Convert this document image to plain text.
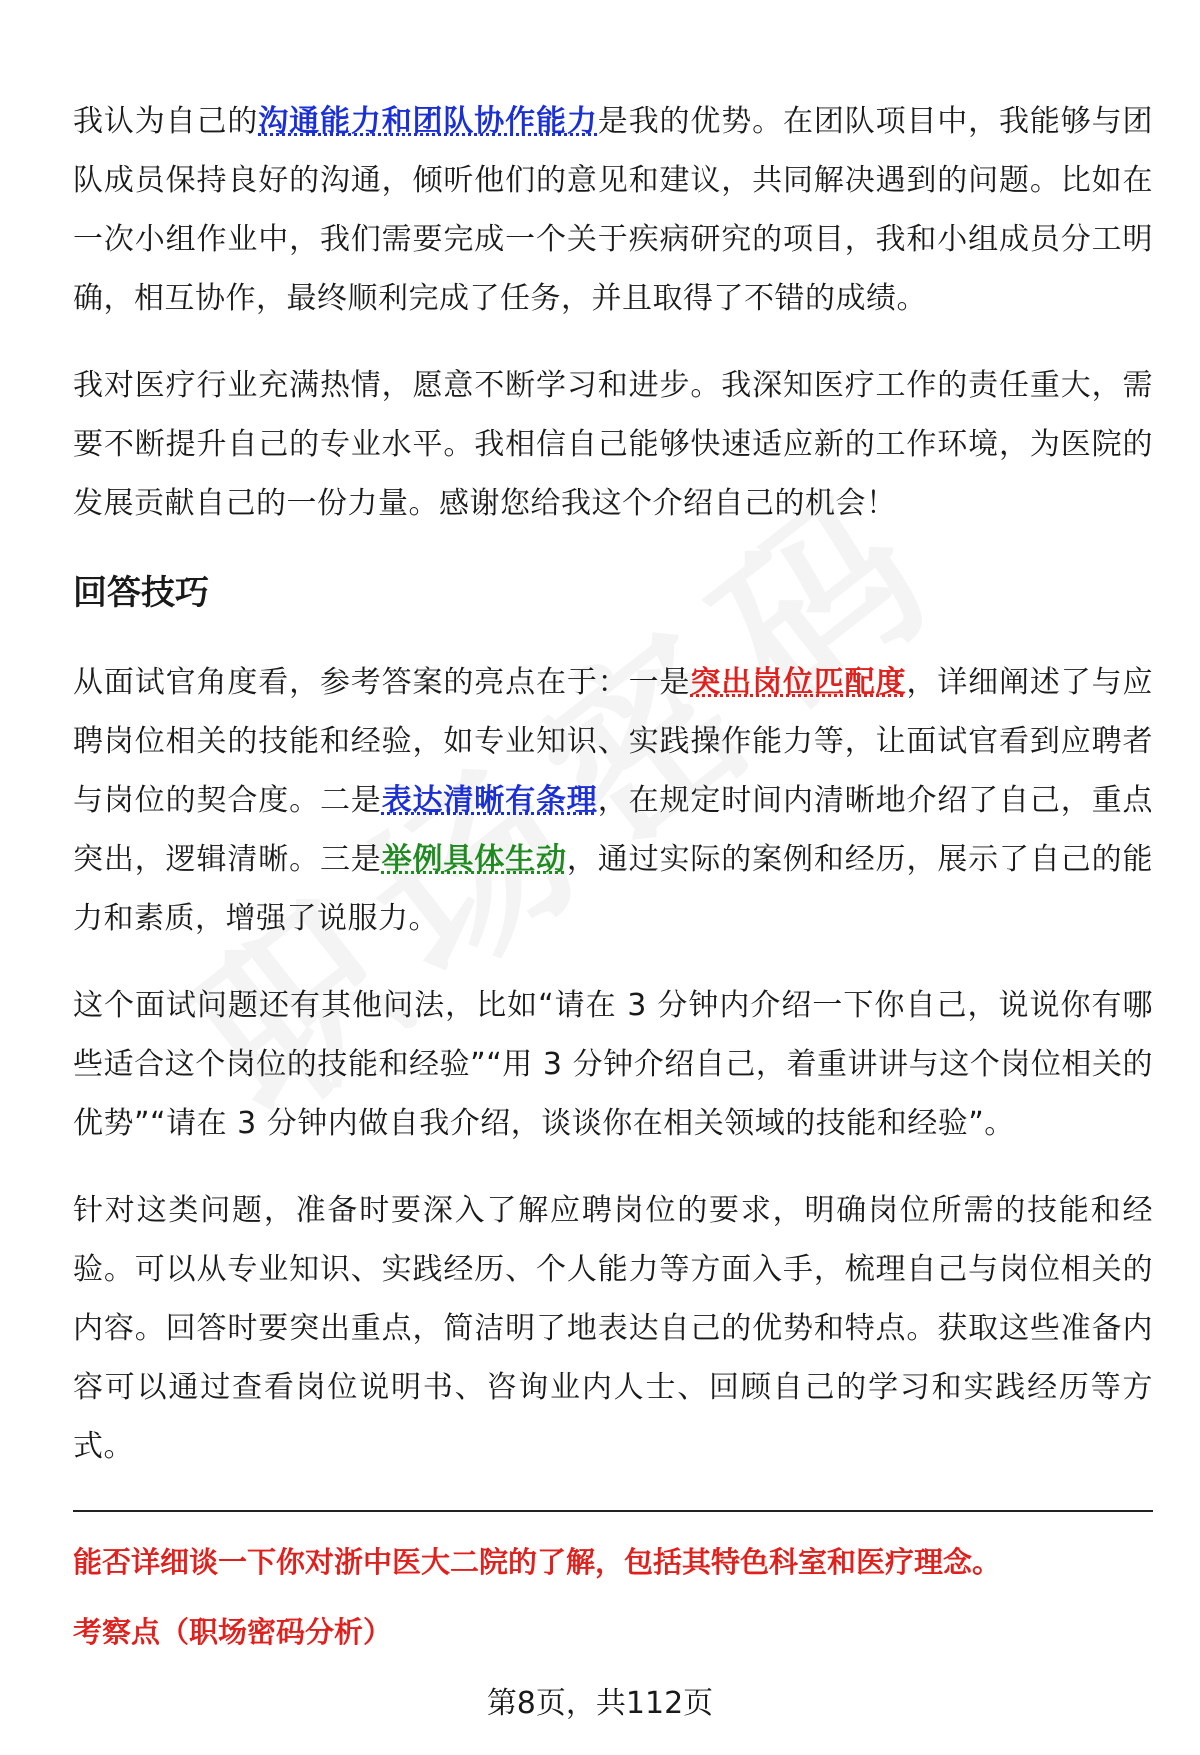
我认为自己的沟通能力和团队协作能力是我的优势。在团队项目中，我能够与团队成员保持良好的沟通，倾听他们的意见和建议，共同解决遇到的问题。比如在一次小组作业中，我们需要完成一个关于疾病研究的项目，我和小组成员分工明确，相互协作，最终顺利完成了任务，并且取得了不错的成绩。

我对医疗行业充满热情，愿意不断学习和进步。我深知医疗工作的责任重大，需要不断提升自己的专业水平。我相信自己能够快速适应新的工作环境，为医院的发展贡献自己的一份力量。感谢您给我这个介绍自己的机会！

回答技巧

从面试官角度看，参考答案的亮点在于：一是突出岗位匹配度，详细阐述了与应聘岗位相关的技能和经验，如专业知识、实践操作能力等，让面试官看到应聘者与岗位的契合度。二是表达清晰有条理，在规定时间内清晰地介绍了自己，重点突出，逻辑清晰。三是举例具体生动，通过实际的案例和经历，展示了自己的能力和素质，增强了说服力。

这个面试问题还有其他问法，比如“请在 3 分钟内介绍一下你自己，说说你有哪些适合这个岗位的技能和经验”“用 3 分钟介绍自己，着重讲讲与这个岗位相关的优势”“请在 3 分钟内做自我介绍，谈谈你在相关领域的技能和经验”。

针对这类问题，准备时要深入了解应聘岗位的要求，明确岗位所需的技能和经验。可以从专业知识、实践经历、个人能力等方面入手，梳理自己与岗位相关的内容。回答时要突出重点，简洁明了地表达自己的优势和特点。获取这些准备内容可以通过查看岗位说明书、咨询业内人士、回顾自己的学习和实践经历等方式。

能否详细谈一下你对浙中医大二院的了解，包括其特色科室和医疗理念。

考察点（职场密码分析）

第8页，共112页
